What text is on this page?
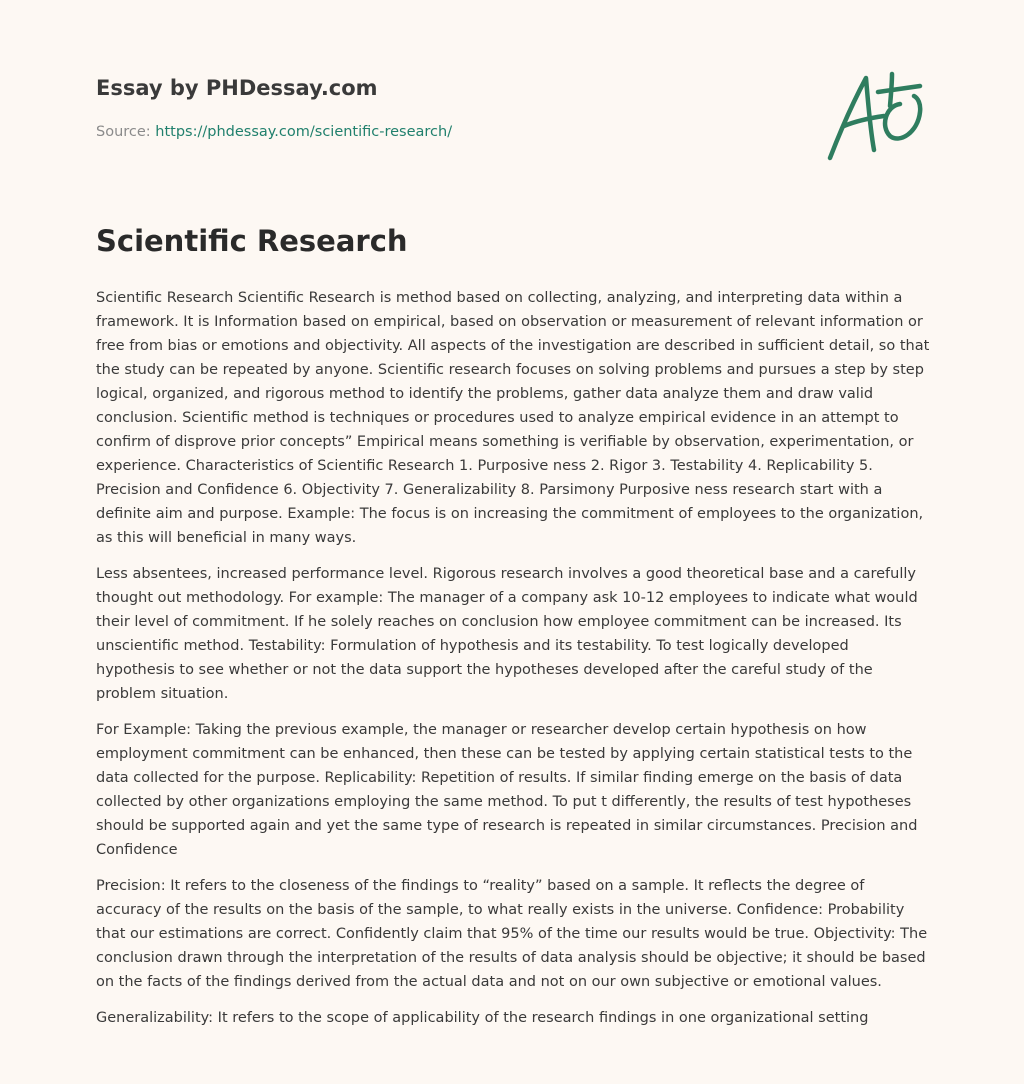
Essay by PHDessay.com
Source: https://phdessay.com/scientific-research/
Scientific Research

Scientific Research Scientific Research is method based on collecting, analyzing, and interpreting data within a framework. It is Information based on empirical, based on observation or measurement of relevant information or free from bias or emotions and objectivity. All aspects of the investigation are described in sufficient detail, so that the study can be repeated by anyone. Scientific research focuses on solving problems and pursues a step by step logical, organized, and rigorous method to identify the problems, gather data analyze them and draw valid conclusion. Scientific method is techniques or procedures used to analyze empirical evidence in an attempt to confirm of disprove prior concepts” Empirical means something is verifiable by observation, experimentation, or experience. Characteristics of Scientific Research 1. Purposive ness 2. Rigor 3. Testability 4. Replicability 5. Precision and Confidence 6. Objectivity 7. Generalizability 8. Parsimony Purposive ness research start with a definite aim and purpose. Example: The focus is on increasing the commitment of employees to the organization, as this will beneficial in many ways.

Less absentees, increased performance level. Rigorous research involves a good theoretical base and a carefully thought out methodology. For example: The manager of a company ask 10-12 employees to indicate what would their level of commitment. If he solely reaches on conclusion how employee commitment can be increased. Its unscientific method. Testability: Formulation of hypothesis and its testability. To test logically developed hypothesis to see whether or not the data support the hypotheses developed after the careful study of the problem situation.

For Example: Taking the previous example, the manager or researcher develop certain hypothesis on how employment commitment can be enhanced, then these can be tested by applying certain statistical tests to the data collected for the purpose. Replicability: Repetition of results. If similar finding emerge on the basis of data collected by other organizations employing the same method. To put t differently, the results of test hypotheses should be supported again and yet the same type of research is repeated in similar circumstances. Precision and Confidence

Precision: It refers to the closeness of the findings to “reality” based on a sample. It reflects the degree of accuracy of the results on the basis of the sample, to what really exists in the universe. Confidence: Probability that our estimations are correct. Confidently claim that 95% of the time our results would be true. Objectivity: The conclusion drawn through the interpretation of the results of data analysis should be objective; it should be based on the facts of the findings derived from the actual data and not on our own subjective or emotional values.

Generalizability: It refers to the scope of applicability of the research findings in one organizational setting
